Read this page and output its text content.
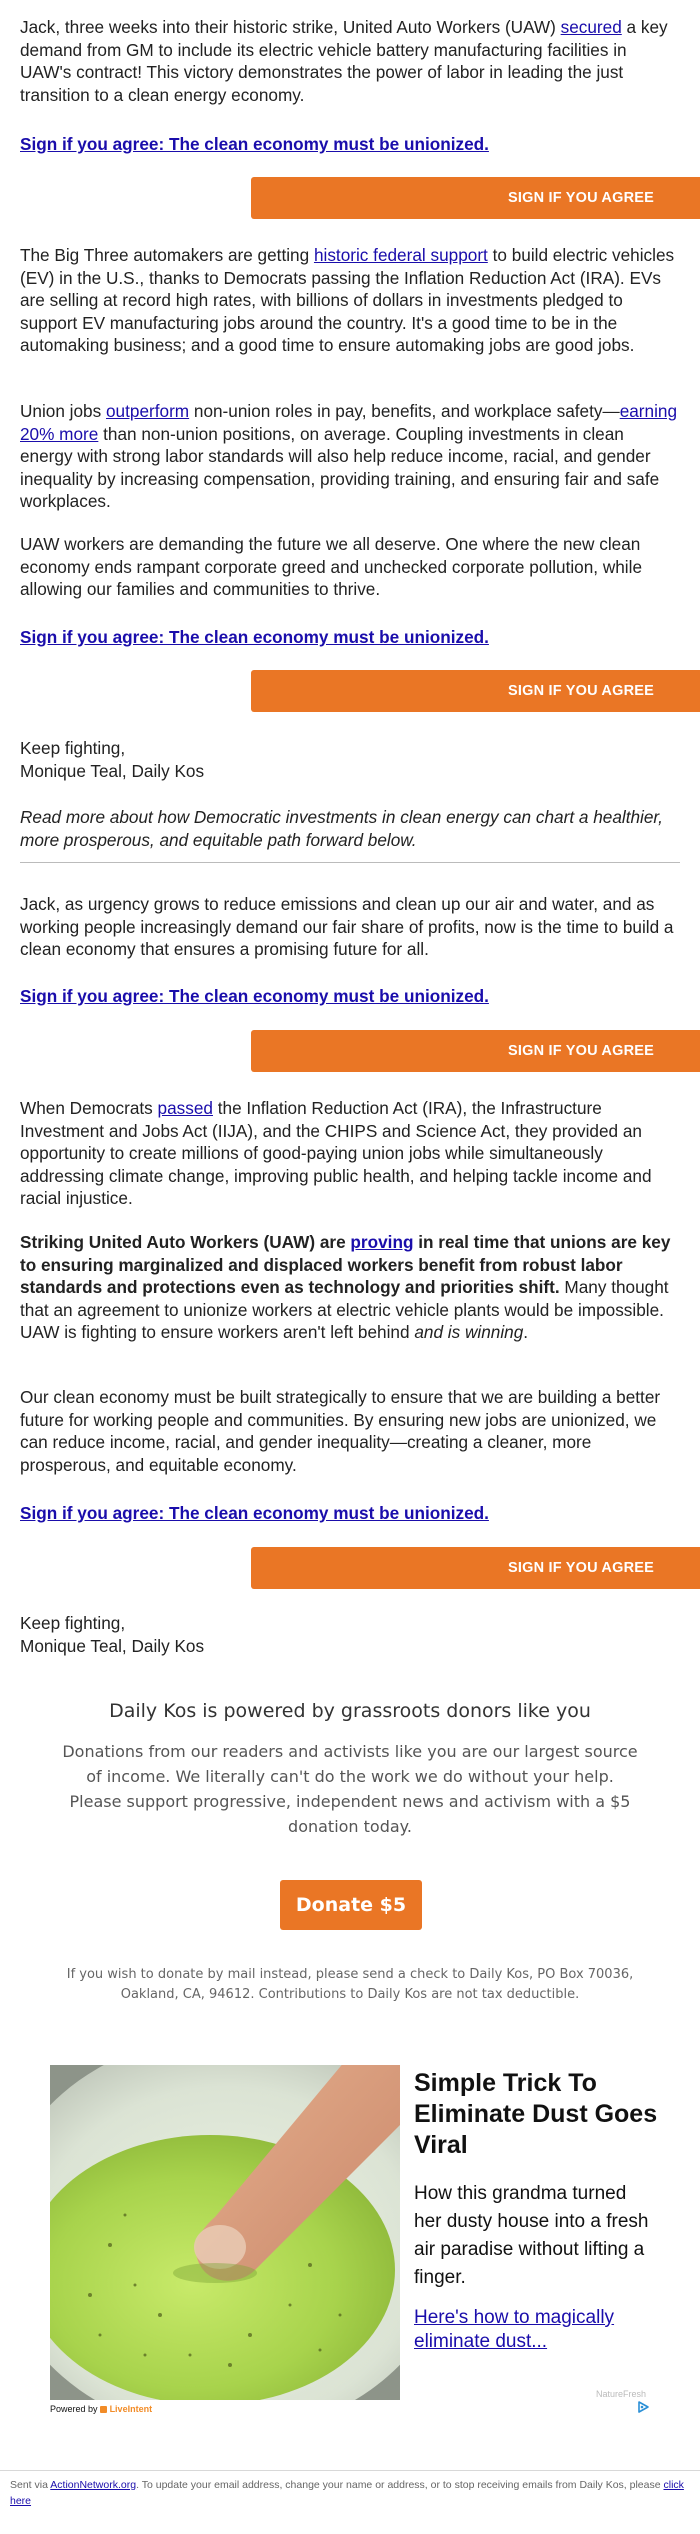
Jack, three weeks into their historic strike, United Auto Workers (UAW) secured a key demand from GM to include its electric vehicle battery manufacturing facilities in UAW's contract! This victory demonstrates the power of labor in leading the just transition to a clean energy economy.

Sign if you agree: The clean economy must be unionized.
SIGN IF YOU AGREE

The Big Three automakers are getting historic federal support to build electric vehicles (EV) in the U.S., thanks to Democrats passing the Inflation Reduction Act (IRA). EVs are selling at record high rates, with billions of dollars in investments pledged to support EV manufacturing jobs around the country. It's a good time to be in the automaking business; and a good time to ensure automaking jobs are good jobs.

Union jobs outperform non-union roles in pay, benefits, and workplace safety—earning 20% more than non-union positions, on average. Coupling investments in clean energy with strong labor standards will also help reduce income, racial, and gender inequality by increasing compensation, providing training, and ensuring fair and safe workplaces.

UAW workers are demanding the future we all deserve. One where the new clean economy ends rampant corporate greed and unchecked corporate pollution, while allowing our families and communities to thrive.

Sign if you agree: The clean economy must be unionized.
SIGN IF YOU AGREE

Keep fighting,

Monique Teal, Daily Kos

Read more about how Democratic investments in clean energy can chart a healthier, more prosperous, and equitable path forward below.

Jack, as urgency grows to reduce emissions and clean up our air and water, and as working people increasingly demand our fair share of profits, now is the time to build a clean economy that ensures a promising future for all.

Sign if you agree: The clean economy must be unionized.
SIGN IF YOU AGREE

When Democrats passed the Inflation Reduction Act (IRA), the Infrastructure Investment and Jobs Act (IIJA), and the CHIPS and Science Act, they provided an opportunity to create millions of good-paying union jobs while simultaneously addressing climate change, improving public health, and helping tackle income and racial injustice.

Striking United Auto Workers (UAW) are proving in real time that unions are key to ensuring marginalized and displaced workers benefit from robust labor standards and protections even as technology and priorities shift. Many thought that an agreement to unionize workers at electric vehicle plants would be impossible. UAW is fighting to ensure workers aren't left behind and is winning.

Our clean economy must be built strategically to ensure that we are building a better future for working people and communities. By ensuring new jobs are unionized, we can reduce income, racial, and gender inequality—creating a cleaner, more prosperous, and equitable economy.

Sign if you agree: The clean economy must be unionized.
SIGN IF YOU AGREE

Keep fighting,

Monique Teal, Daily Kos

Daily Kos is powered by grassroots donors like you
Donations from our readers and activists like you are our largest source of income. We literally can't do the work we do without your help. Please support progressive, independent news and activism with a $5 donation today.
Donate $5
If you wish to donate by mail instead, please send a check to Daily Kos, PO Box 70036, Oakland, CA, 94612. Contributions to Daily Kos are not tax deductible.
Simple Trick To Eliminate Dust Goes Viral
How this grandma turned her dusty house into a fresh air paradise without lifting a finger.
Here's how to magically eliminate dust...
NatureFresh
Powered by LiveIntent
Sent via ActionNetwork.org. To update your email address, change your name or address, or to stop receiving emails from Daily Kos, please click here
